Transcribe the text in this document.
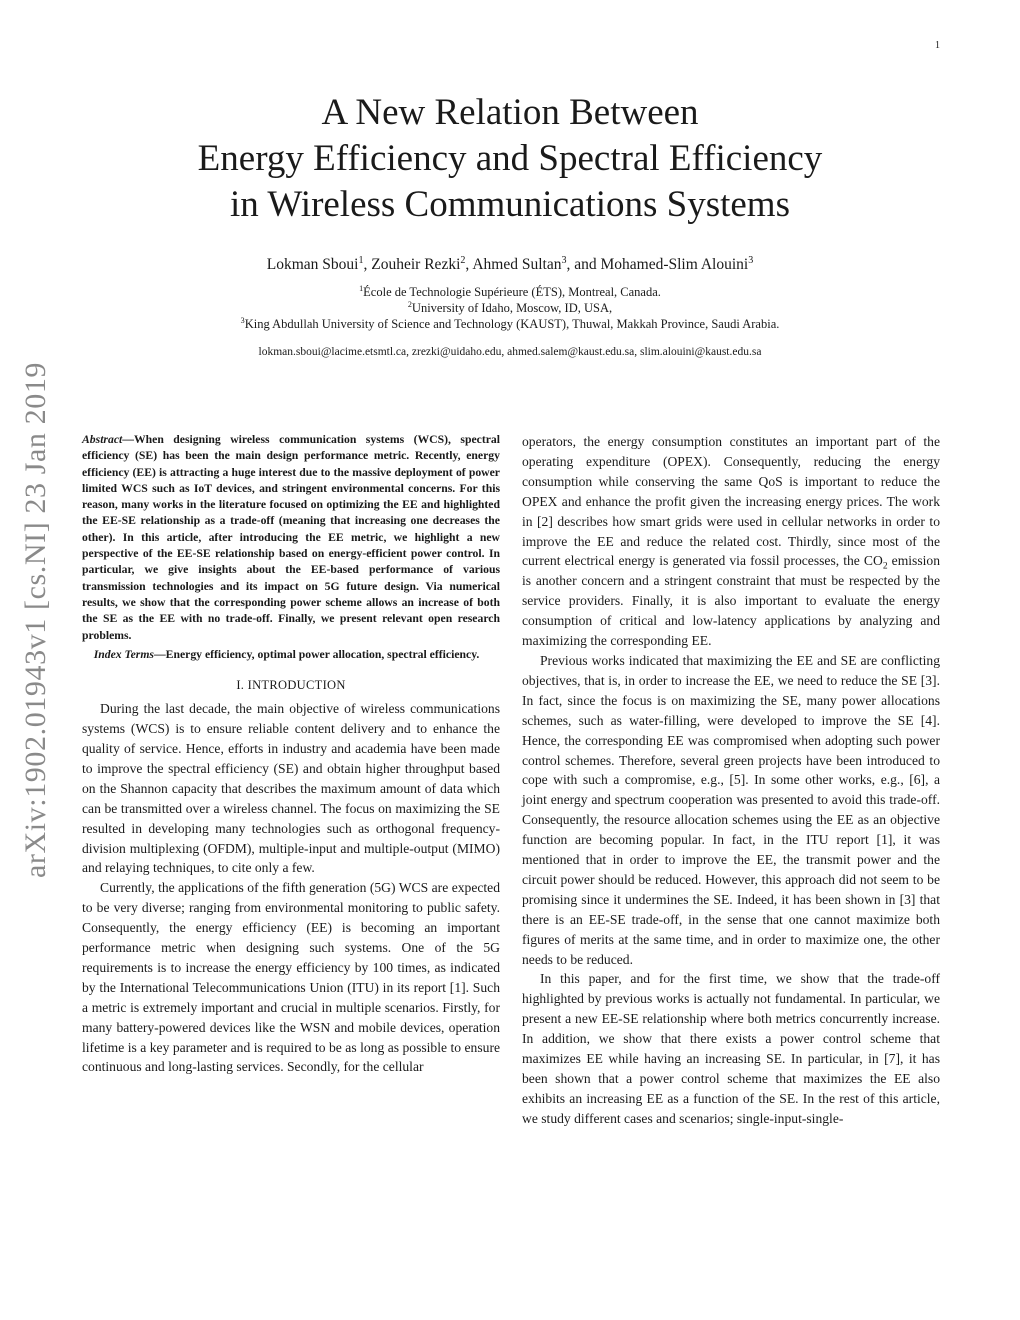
1
arXiv:1902.01943v1 [cs.NI] 23 Jan 2019
A New Relation Between
Energy Efficiency and Spectral Efficiency
in Wireless Communications Systems
Lokman Sboui$^1$, Zouheir Rezki$^2$, Ahmed Sultan$^3$, and Mohamed-Slim Alouini$^3$
$^1$École de Technologie Supérieure (ÉTS), Montreal, Canada.
$^2$University of Idaho, Moscow, ID, USA,
$^3$King Abdullah University of Science and Technology (KAUST), Thuwal, Makkah Province, Saudi Arabia.
lokman.sboui@lacime.etsmtl.ca, zrezki@uidaho.edu, ahmed.salem@kaust.edu.sa, slim.alouini@kaust.edu.sa

Abstract—When designing wireless communication systems (WCS), spectral efficiency (SE) has been the main design performance metric. Recently, energy efficiency (EE) is attracting a huge interest due to the massive deployment of power limited WCS such as IoT devices, and stringent environmental concerns. For this reason, many works in the literature focused on optimizing the EE and highlighted the EE-SE relationship as a trade-off (meaning that increasing one decreases the other). In this article, after introducing the EE metric, we highlight a new perspective of the EE-SE relationship based on energy-efficient power control. In particular, we give insights about the EE-based performance of various transmission technologies and its impact on 5G future design. Via numerical results, we show that the corresponding power scheme allows an increase of both the SE as the EE with no trade-off. Finally, we present relevant open research problems.

Index Terms—Energy efficiency, optimal power allocation, spectral efficiency.

I. INTRODUCTION

During the last decade, the main objective of wireless communications systems (WCS) is to ensure reliable content delivery and to enhance the quality of service. Hence, efforts in industry and academia have been made to improve the spectral efficiency (SE) and obtain higher throughput based on the Shannon capacity that describes the maximum amount of data which can be transmitted over a wireless channel. The focus on maximizing the SE resulted in developing many technologies such as orthogonal frequency-division multiplexing (OFDM), multiple-input and multiple-output (MIMO) and relaying techniques, to cite only a few.

Currently, the applications of the fifth generation (5G) WCS are expected to be very diverse; ranging from environmental monitoring to public safety. Consequently, the energy efficiency (EE) is becoming an important performance metric when designing such systems. One of the 5G requirements is to increase the energy efficiency by 100 times, as indicated by the International Telecommunications Union (ITU) in its report [1]. Such a metric is extremely important and crucial in multiple scenarios. Firstly, for many battery-powered devices like the WSN and mobile devices, operation lifetime is a key parameter and is required to be as long as possible to ensure continuous and long-lasting services. Secondly, for the cellular

operators, the energy consumption constitutes an important part of the operating expenditure (OPEX). Consequently, reducing the energy consumption while conserving the same QoS is important to reduce the OPEX and enhance the profit given the increasing energy prices. The work in [2] describes how smart grids were used in cellular networks in order to improve the EE and reduce the related cost. Thirdly, since most of the current electrical energy is generated via fossil processes, the $CO_2$ emission is another concern and a stringent constraint that must be respected by the service providers. Finally, it is also important to evaluate the energy consumption of critical and low-latency applications by analyzing and maximizing the corresponding EE.

Previous works indicated that maximizing the EE and SE are conflicting objectives, that is, in order to increase the EE, we need to reduce the SE [3]. In fact, since the focus is on maximizing the SE, many power allocations schemes, such as water-filling, were developed to improve the SE [4]. Hence, the corresponding EE was compromised when adopting such power control schemes. Therefore, several green projects have been introduced to cope with such a compromise, e.g., [5]. In some other works, e.g., [6], a joint energy and spectrum cooperation was presented to avoid this trade-off. Consequently, the resource allocation schemes using the EE as an objective function are becoming popular. In fact, in the ITU report [1], it was mentioned that in order to improve the EE, the transmit power and the circuit power should be reduced. However, this approach did not seem to be promising since it undermines the SE. Indeed, it has been shown in [3] that there is an EE-SE trade-off, in the sense that one cannot maximize both figures of merits at the same time, and in order to maximize one, the other needs to be reduced.

In this paper, and for the first time, we show that the trade-off highlighted by previous works is actually not fundamental. In particular, we present a new EE-SE relationship where both metrics concurrently increase. In addition, we show that there exists a power control scheme that maximizes EE while having an increasing SE. In particular, in [7], it has been shown that a power control scheme that maximizes the EE also exhibits an increasing EE as a function of the SE. In the rest of this article, we study different cases and scenarios; single-input-single-
